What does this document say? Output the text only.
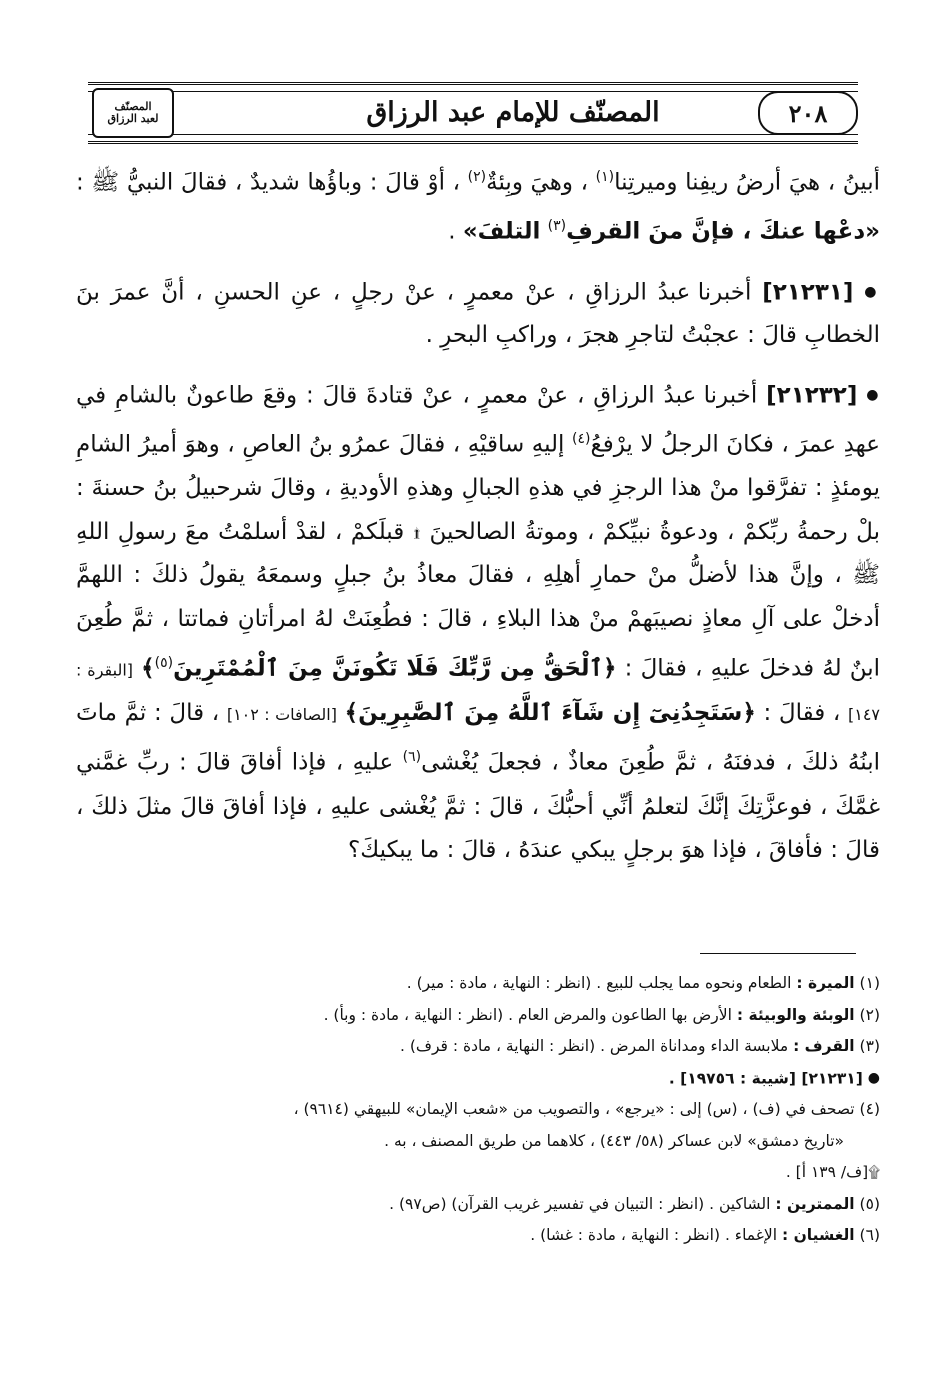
٢٠٨
المصنّف للإمام عبد الرزاق
المصنّف
لعبد الرزاق

أبينُ ، هيَ أرضُ ريفِنا وميرتِنا$^{(١)}$ ، وهيَ وبِئةٌ$^{(٢)}$ ، أوْ قالَ : وباؤُها شديدٌ ، فقالَ النبيُّ ﷺ : «دعْها عنكَ ، فإنَّ منَ القرفِ$^{(٣)}$ التلفَ» .

● [٢١٢٣١] أخبرنا عبدُ الرزاقِ ، عنْ معمرٍ ، عنْ رجلٍ ، عنِ الحسنِ ، أنَّ عمرَ بنَ الخطابِ قالَ : عجبْتُ لتاجرِ هجرَ ، وراكبِ البحرِ .

● [٢١٢٣٢] أخبرنا عبدُ الرزاقِ ، عنْ معمرٍ ، عنْ قتادةَ قالَ : وقعَ طاعونٌ بالشامِ في عهدِ عمرَ ، فكانَ الرجلُ لا يرْفعُ$^{(٤)}$ إليهِ ساقيْهِ ، فقالَ عمرُو بنُ العاصِ ، وهوَ أميرُ الشامِ يومئذٍ : تفرَّقوا منْ هذا الرجزِ في هذهِ الجبالِ وهذهِ الأوديةِ ، وقالَ شرحبيلُ بنُ حسنةَ : بلْ رحمةُ ربِّكمْ ، ودعوةُ نبيِّكمْ ، وموتةُ الصالحينَ ۩ قبلَكمْ ، لقدْ أسلمْتُ معَ رسولِ اللهِ ﷺ ، وإنَّ هذا لأضلُّ منْ حمارِ أهلِهِ ، فقالَ معاذُ بنُ جبلٍ وسمعَهُ يقولُ ذلكَ : اللهمَّ أدخلْ على آلِ معاذٍ نصيبَهمْ منْ هذا البلاءِ ، قالَ : فطُعِنَتْ لهُ امرأتانِ فماتتا ، ثمَّ طُعِنَ ابنٌ لهُ فدخلَ عليهِ ، فقالَ : ﴿ٱلْحَقُّ مِن رَّبِّكَ فَلَا تَكُونَنَّ مِنَ ٱلْمُمْتَرِينَ$^{(٥)}$﴾ [البقرة : ١٤٧] ، فقالَ : ﴿سَتَجِدُنِىٓ إِن شَآءَ ٱللَّهُ مِنَ ٱلصَّٰبِرِينَ﴾ [الصافات : ١٠٢] ، قالَ : ثمَّ ماتَ ابنُهُ ذلكَ ، فدفنَهُ ، ثمَّ طُعِنَ معاذٌ ، فجعلَ يُغْشى$^{(٦)}$ عليهِ ، فإذا أفاقَ قالَ : ربِّ غمَّني غمَّكَ ، فوعزَّتِكَ إنَّكَ لتعلمُ أنِّي أحبُّكَ ، قالَ : ثمَّ يُغْشى عليهِ ، فإذا أفاقَ قالَ مثلَ ذلكَ ، قالَ : فأفاقَ ، فإذا هوَ برجلٍ يبكي عندَهُ ، قالَ : ما يبكيكَ؟

(١) الميرة : الطعام ونحوه مما يجلب للبيع . (انظر : النهاية ، مادة : مير) .

(٢) الوبئة والوبيئة : الأرض بها الطاعون والمرض العام . (انظر : النهاية ، مادة : وبأ) .

(٣) القرف : ملابسة الداء ومداناة المرض . (انظر : النهاية ، مادة : قرف) .

● [٢١٢٣١] [شيبة : ١٩٧٥٦] .

(٤) تصحف في (ف) ، (س) إلى : «يرجع» ، والتصويب من «شعب الإيمان» للبيهقي (٩٦١٤) ،

«تاريخ دمشق» لابن عساكر (٥٨/ ٤٤٣) ، كلاهما من طريق المصنف ، به .

۩[ف/ ١٣٩ أ] .

(٥) الممترين : الشاكين . (انظر : التبيان في تفسير غريب القرآن) (ص٩٧) .

(٦) الغشيان : الإغماء . (انظر : النهاية ، مادة : غشا) .
